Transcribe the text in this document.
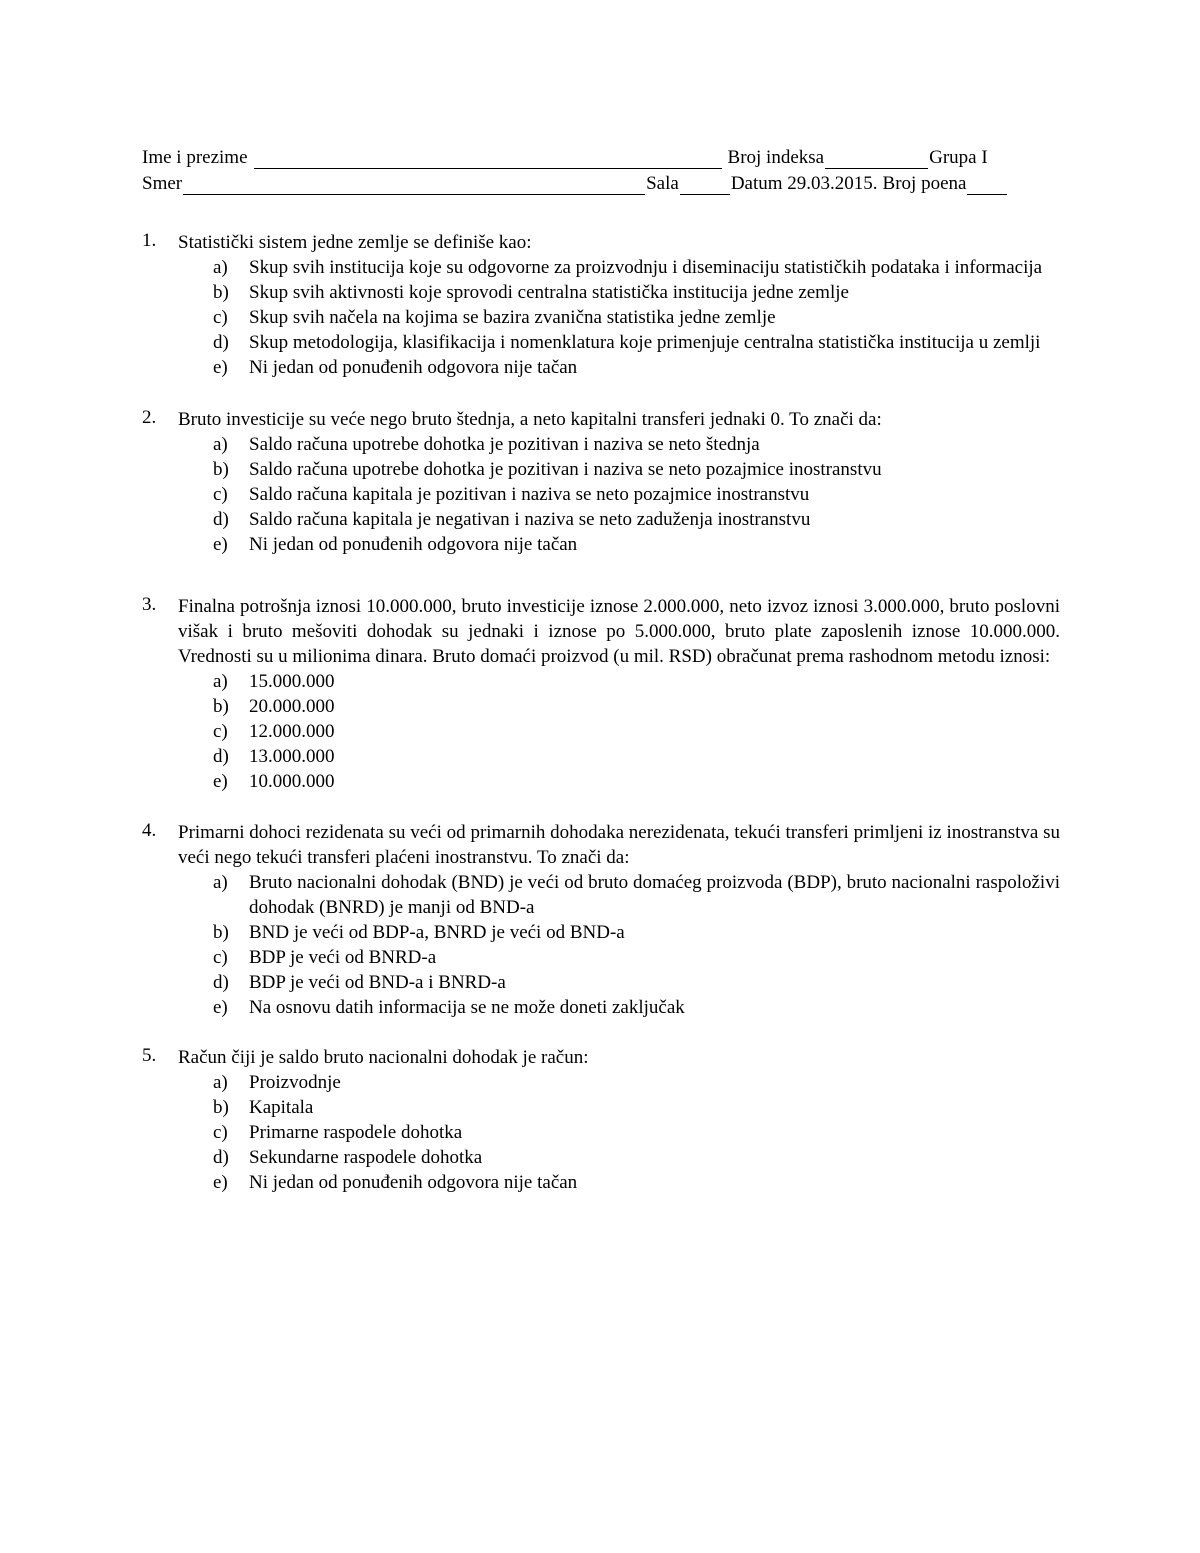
Ime i prezime	Broj indeksa	Grupa I
Smer	Sala	Datum 29.03.2015. Broj poena
1. Statistički sistem jedne zemlje se definiše kao:
a) Skup svih institucija koje su odgovorne za proizvodnju i diseminaciju statističkih podataka i informacija
b) Skup svih aktivnosti koje sprovodi centralna statistička institucija jedne zemlje
c) Skup svih načela na kojima se bazira zvanična statistika jedne zemlje
d) Skup metodologija, klasifikacija i nomenklatura koje primenjuje centralna statistička institucija u zemlji
e) Ni jedan od ponuđenih odgovora nije tačan
2. Bruto investicije su veće nego bruto štednja, a neto kapitalni transferi jednaki 0. To znači da:
a) Saldo računa upotrebe dohotka je pozitivan i naziva se neto štednja
b) Saldo računa upotrebe dohotka je pozitivan i naziva se neto pozajmice inostranstvu
c) Saldo računa kapitala je pozitivan i naziva se neto pozajmice inostranstvu
d) Saldo računa kapitala je negativan i naziva se neto zaduženja inostranstvu
e) Ni jedan od ponuđenih odgovora nije tačan
3. Finalna potrošnja iznosi 10.000.000, bruto investicije iznose 2.000.000, neto izvoz iznosi 3.000.000, bruto poslovni višak i bruto mešoviti dohodak su jednaki i iznose po 5.000.000, bruto plate zaposlenih iznose 10.000.000. Vrednosti su u milionima dinara. Bruto domaći proizvod (u mil. RSD) obračunat prema rashodnom metodu iznosi:
a) 15.000.000
b) 20.000.000
c) 12.000.000
d) 13.000.000
e) 10.000.000
4. Primarni dohoci rezidenata su veći od primarnih dohodaka nerezidenata, tekući transferi primljeni iz inostranstva su veći nego tekući transferi plaćeni inostranstvu. To znači da:
a) Bruto nacionalni dohodak (BND) je veći od bruto domaćeg proizvoda (BDP), bruto nacionalni raspoloživi dohodak (BNRD) je manji od BND-a
b) BND je veći od BDP-a, BNRD je veći od BND-a
c) BDP je veći od BNRD-a
d) BDP je veći od BND-a i BNRD-a
e) Na osnovu datih informacija se ne može doneti zaključak
5. Račun čiji je saldo bruto nacionalni dohodak je račun:
a) Proizvodnje
b) Kapitala
c) Primarne raspodele dohotka
d) Sekundarne raspodele dohotka
e) Ni jedan od ponuđenih odgovora nije tačan
